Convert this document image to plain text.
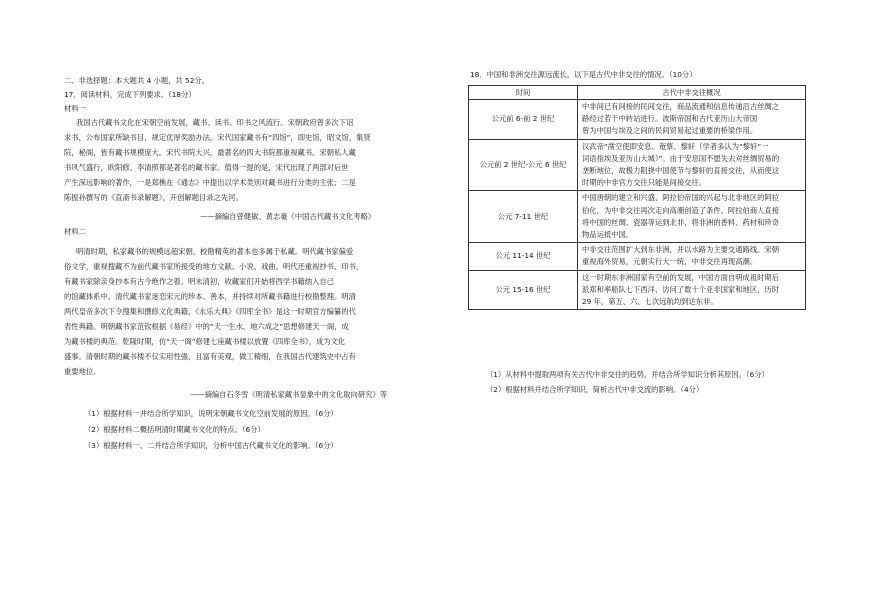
二、非选择题：本大题共 4 小题，共 52分。
17．阅读材料，完成下列要求。（18分）
材料一
我国古代藏书文化在宋朝空前发展，藏书、读书、印书之风流行。宋朝政府曾多次下诏
求书，公布国家所缺书目，规定优厚奖励办法。宋代国家藏书有“四馆”，即史馆，昭文馆，集贤
院，秘阁，皆有藏书规模庞大。宋代书院大兴，最著名的四大书院都重视藏书。宋朝私人藏
书风气盛行，欧阳修、李清照都是著名的藏书家。值得一提的是，宋代出现了两部对后世
产生深远影响的著作，一是郑樵在《通志》中提出以学术类别对藏书进行分类的主张；二是
陈振孙撰写的《直斋书录解题》，开创解题目录之先河。
——摘编自曾健敏、黄志豪《中国古代藏书文化考略》
材料二
明清时期，私家藏书的规模远超宋朝，校勘精英的著本也多属于私藏。明代藏书家偏爱
俗文学，重视搜藏不为前代藏书家所接受的地方文献、小说、戏曲。明代还重视抄书、印书，
有藏书家除亲身抄本有古今绝作之着。明末清初，收藏家们开始将西学书籍纳入自己
的馆藏体系中。清代藏书家迷恋宋元的珍本、善本，并持续对所藏书籍进行校勘整理。明清
两代皇帝多次下令搜集和撰修文化典籍，《永乐大典》《四库全书》是这一时期官方编纂的代
表性典籍。明朝藏书家范钦根据《易经》中的“天一生水，地六成之”思想修建天一阁，成
为藏书楼的典范。乾隆时期，仿“天一阁”修建七座藏书楼以放置《四库全书》，成为文化
盛事。清朝时期的藏书楼不仅实用性强，且富有美观，做工精细，在我国古代建筑史中占有
重要地位。
——摘编自石冬雪《明清私家藏书显象中的文化取向研究》等
（1）根据材料一并结合所学知识，说明宋朝藏书文化空前发展的原因。（6分）
（2）根据材料二概括明清时期藏书文化的特点。（6分）
（3）根据材料一、二并结合所学知识，分析中国古代藏书文化的影响。（6分）
18．中国和非洲交往源远流长，以下是古代中非交往的情况。（10分）
时间	古代中非交往概况
公元前 6-前 2 世纪	中非间已有间接的民间交往，商品流通和信息传递沿古丝绸之
路经过若干中转站进行。波斯帝国和古代亚历山大帝国
曾为中国与埃及之间的民间贸易起过重要的桥梁作用。

公元前 2 世纪-公元 6 世纪	汉武帝“凿空使即安息、奄蔡、黎轩（学者多认为“黎轩”一
词语指埃及亚历山大城）”。由于安息国不愿失去对丝绸贸易的
垄断地位，故极力阻挠中国使节与黎轩的直接交往，从而使这
时期的中非官方交往只能是间接交往。

公元 7-11 世纪	中国唐朝的建立和兴盛、阿拉伯帝国的兴起与北非地区的阿拉
伯化，为中非交往再次走向高潮创造了条件。阿拉伯商人直接
将中国的丝绸、瓷器等运到北非，将非洲的香料、药材和珍奇
物品运抵中国。

公元 11-14 世纪	中非交往范围扩大到东非洲，并以水路为主要交通路线。宋朝
重视海外贸易，元朝实行大一统，中非交往再现高潮。

公元 15-16 世纪	这一时期东非洲国家有空前的发展，中国方面自明成祖时期后
派郑和率船队七下西洋，访问了数十个亚非国家和地区，历时
29 年，第五、六、七次远航均到达东非。
（1）从材料中提取两项有关古代中非交往的趋势，并结合所学知识分析其原因。（6分）
（2）根据材料并结合所学知识，简析古代中非交流的影响。（4分）
